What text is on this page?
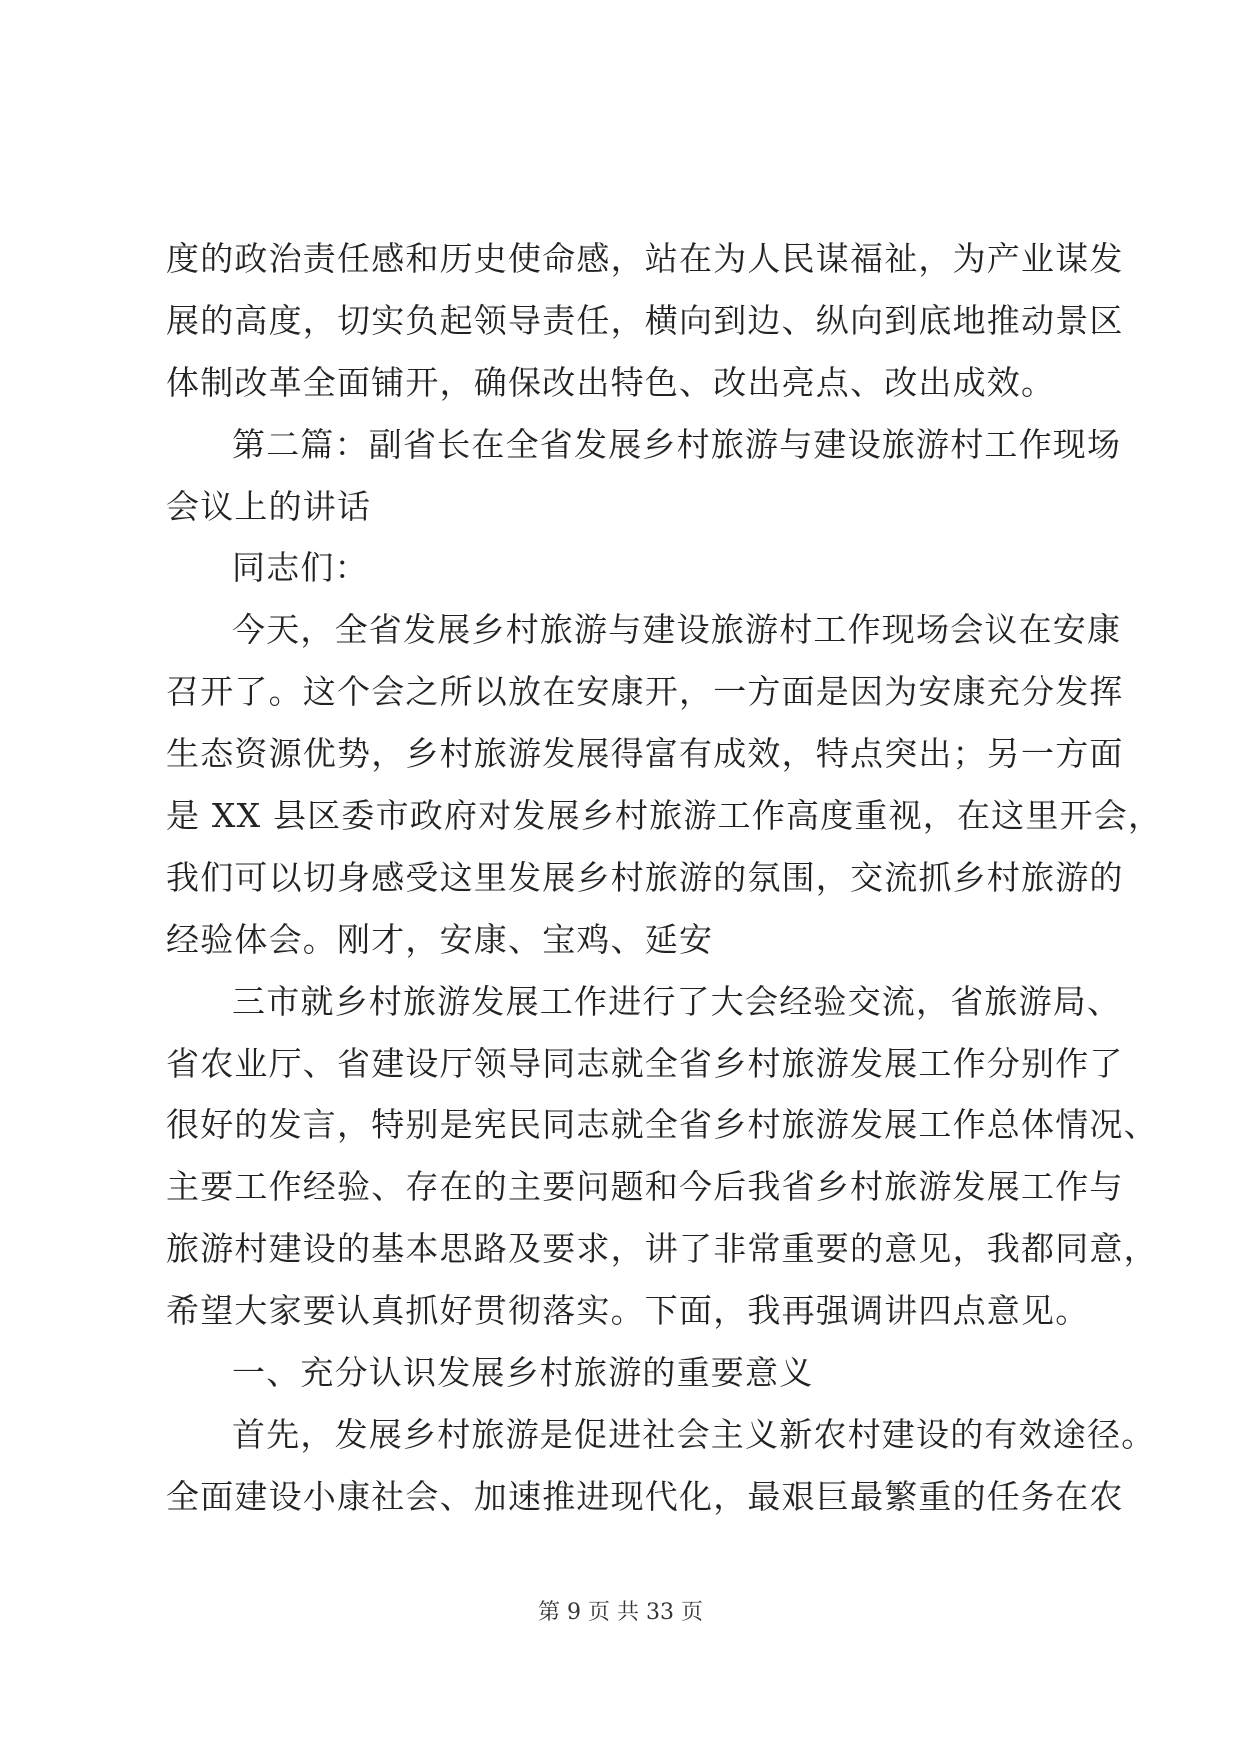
度的政治责任感和历史使命感，站在为人民谋福祉，为产业谋发
展的高度，切实负起领导责任，横向到边、纵向到底地推动景区
体制改革全面铺开，确保改出特色、改出亮点、改出成效。
第二篇：副省长在全省发展乡村旅游与建设旅游村工作现场
会议上的讲话
同志们：
今天，全省发展乡村旅游与建设旅游村工作现场会议在安康
召开了。这个会之所以放在安康开，一方面是因为安康充分发挥
生态资源优势，乡村旅游发展得富有成效，特点突出；另一方面
是 XX 县区委市政府对发展乡村旅游工作高度重视，在这里开会，
我们可以切身感受这里发展乡村旅游的氛围，交流抓乡村旅游的
经验体会。刚才，安康、宝鸡、延安
三市就乡村旅游发展工作进行了大会经验交流，省旅游局、
省农业厅、省建设厅领导同志就全省乡村旅游发展工作分别作了
很好的发言，特别是宪民同志就全省乡村旅游发展工作总体情况、
主要工作经验、存在的主要问题和今后我省乡村旅游发展工作与
旅游村建设的基本思路及要求，讲了非常重要的意见，我都同意，
希望大家要认真抓好贯彻落实。下面，我再强调讲四点意见。
一、充分认识发展乡村旅游的重要意义
首先，发展乡村旅游是促进社会主义新农村建设的有效途径。
全面建设小康社会、加速推进现代化，最艰巨最繁重的任务在农
第 9 页 共 33 页
